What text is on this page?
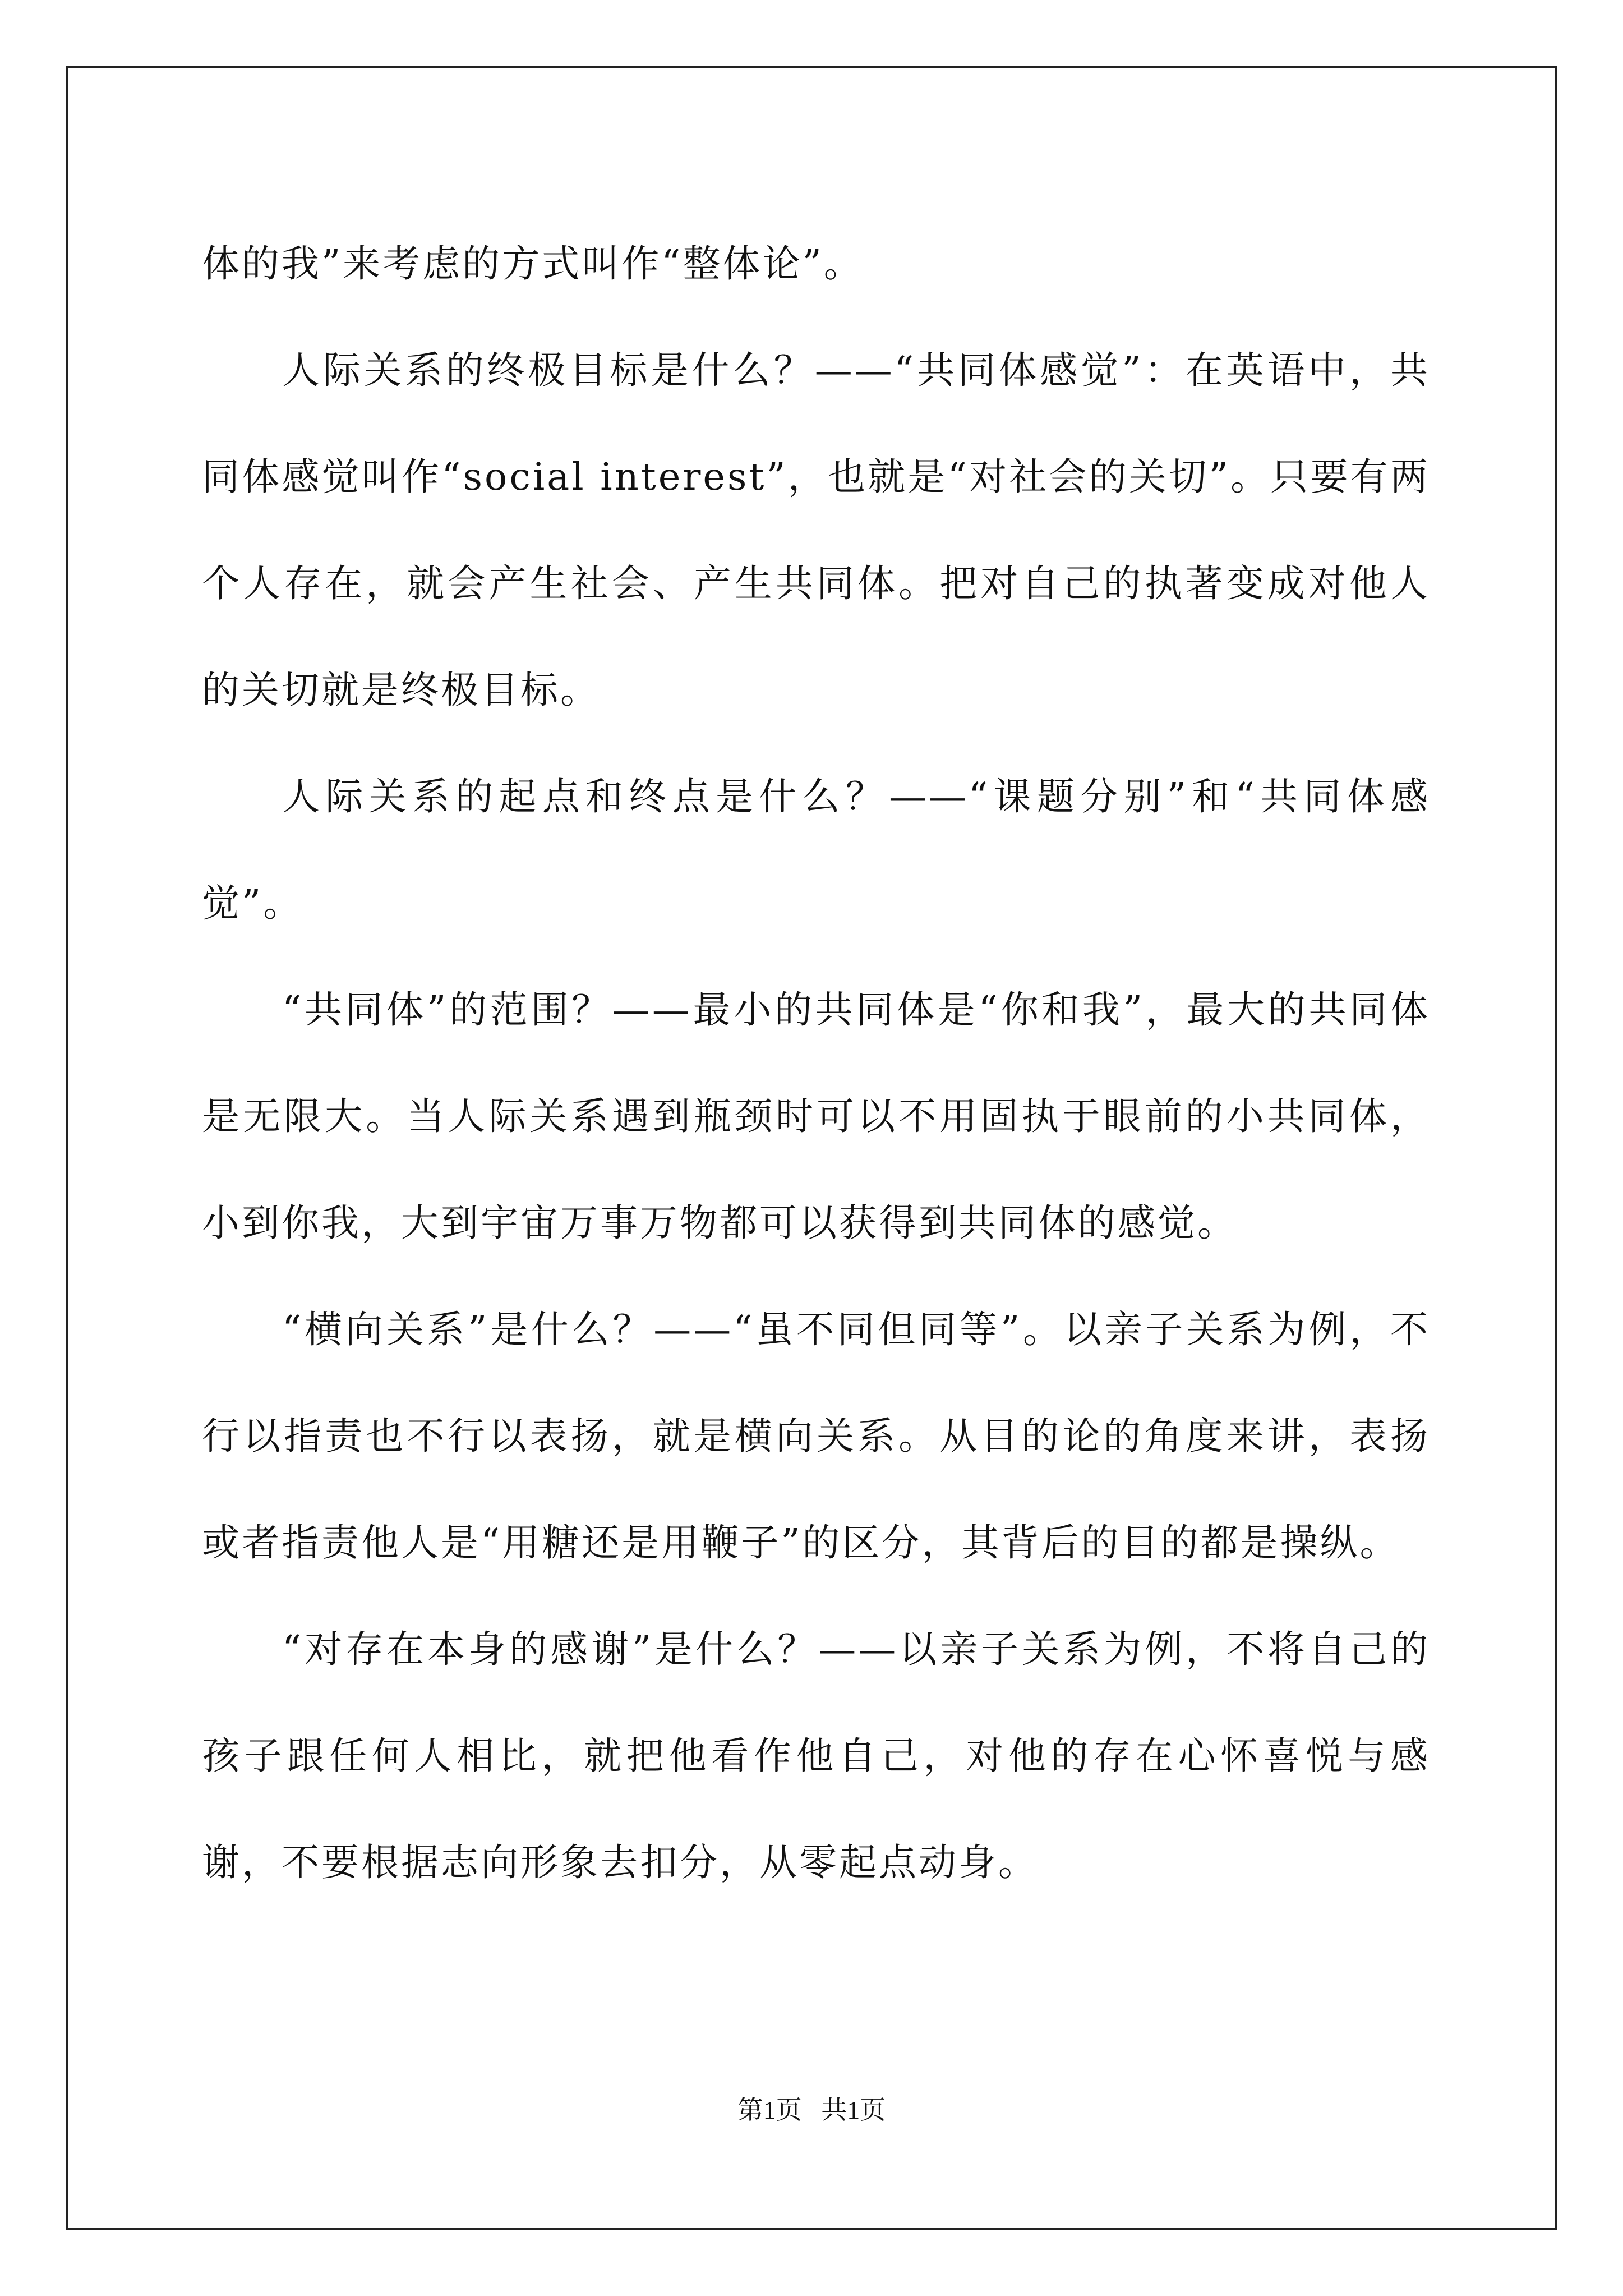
体的我”来考虑的方式叫作“整体论”。

人际关系的终极目标是什么？——“共同体感觉”：在英语中，共同体感觉叫作“social interest”，也就是“对社会的关切”。只要有两个人存在，就会产生社会、产生共同体。把对自己的执著变成对他人的关切就是终极目标。

人际关系的起点和终点是什么？——“课题分别”和“共同体感觉”。

“共同体”的范围？——最小的共同体是“你和我”，最大的共同体是无限大。当人际关系遇到瓶颈时可以不用固执于眼前的小共同体，小到你我，大到宇宙万事万物都可以获得到共同体的感觉。

“横向关系”是什么？——“虽不同但同等”。以亲子关系为例，不行以指责也不行以表扬，就是横向关系。从目的论的角度来讲，表扬或者指责他人是“用糖还是用鞭子”的区分，其背后的目的都是操纵。

“对存在本身的感谢”是什么？——以亲子关系为例，不将自己的孩子跟任何人相比，就把他看作他自己，对他的存在心怀喜悦与感谢，不要根据志向形象去扣分，从零起点动身。

第1页   共1页
